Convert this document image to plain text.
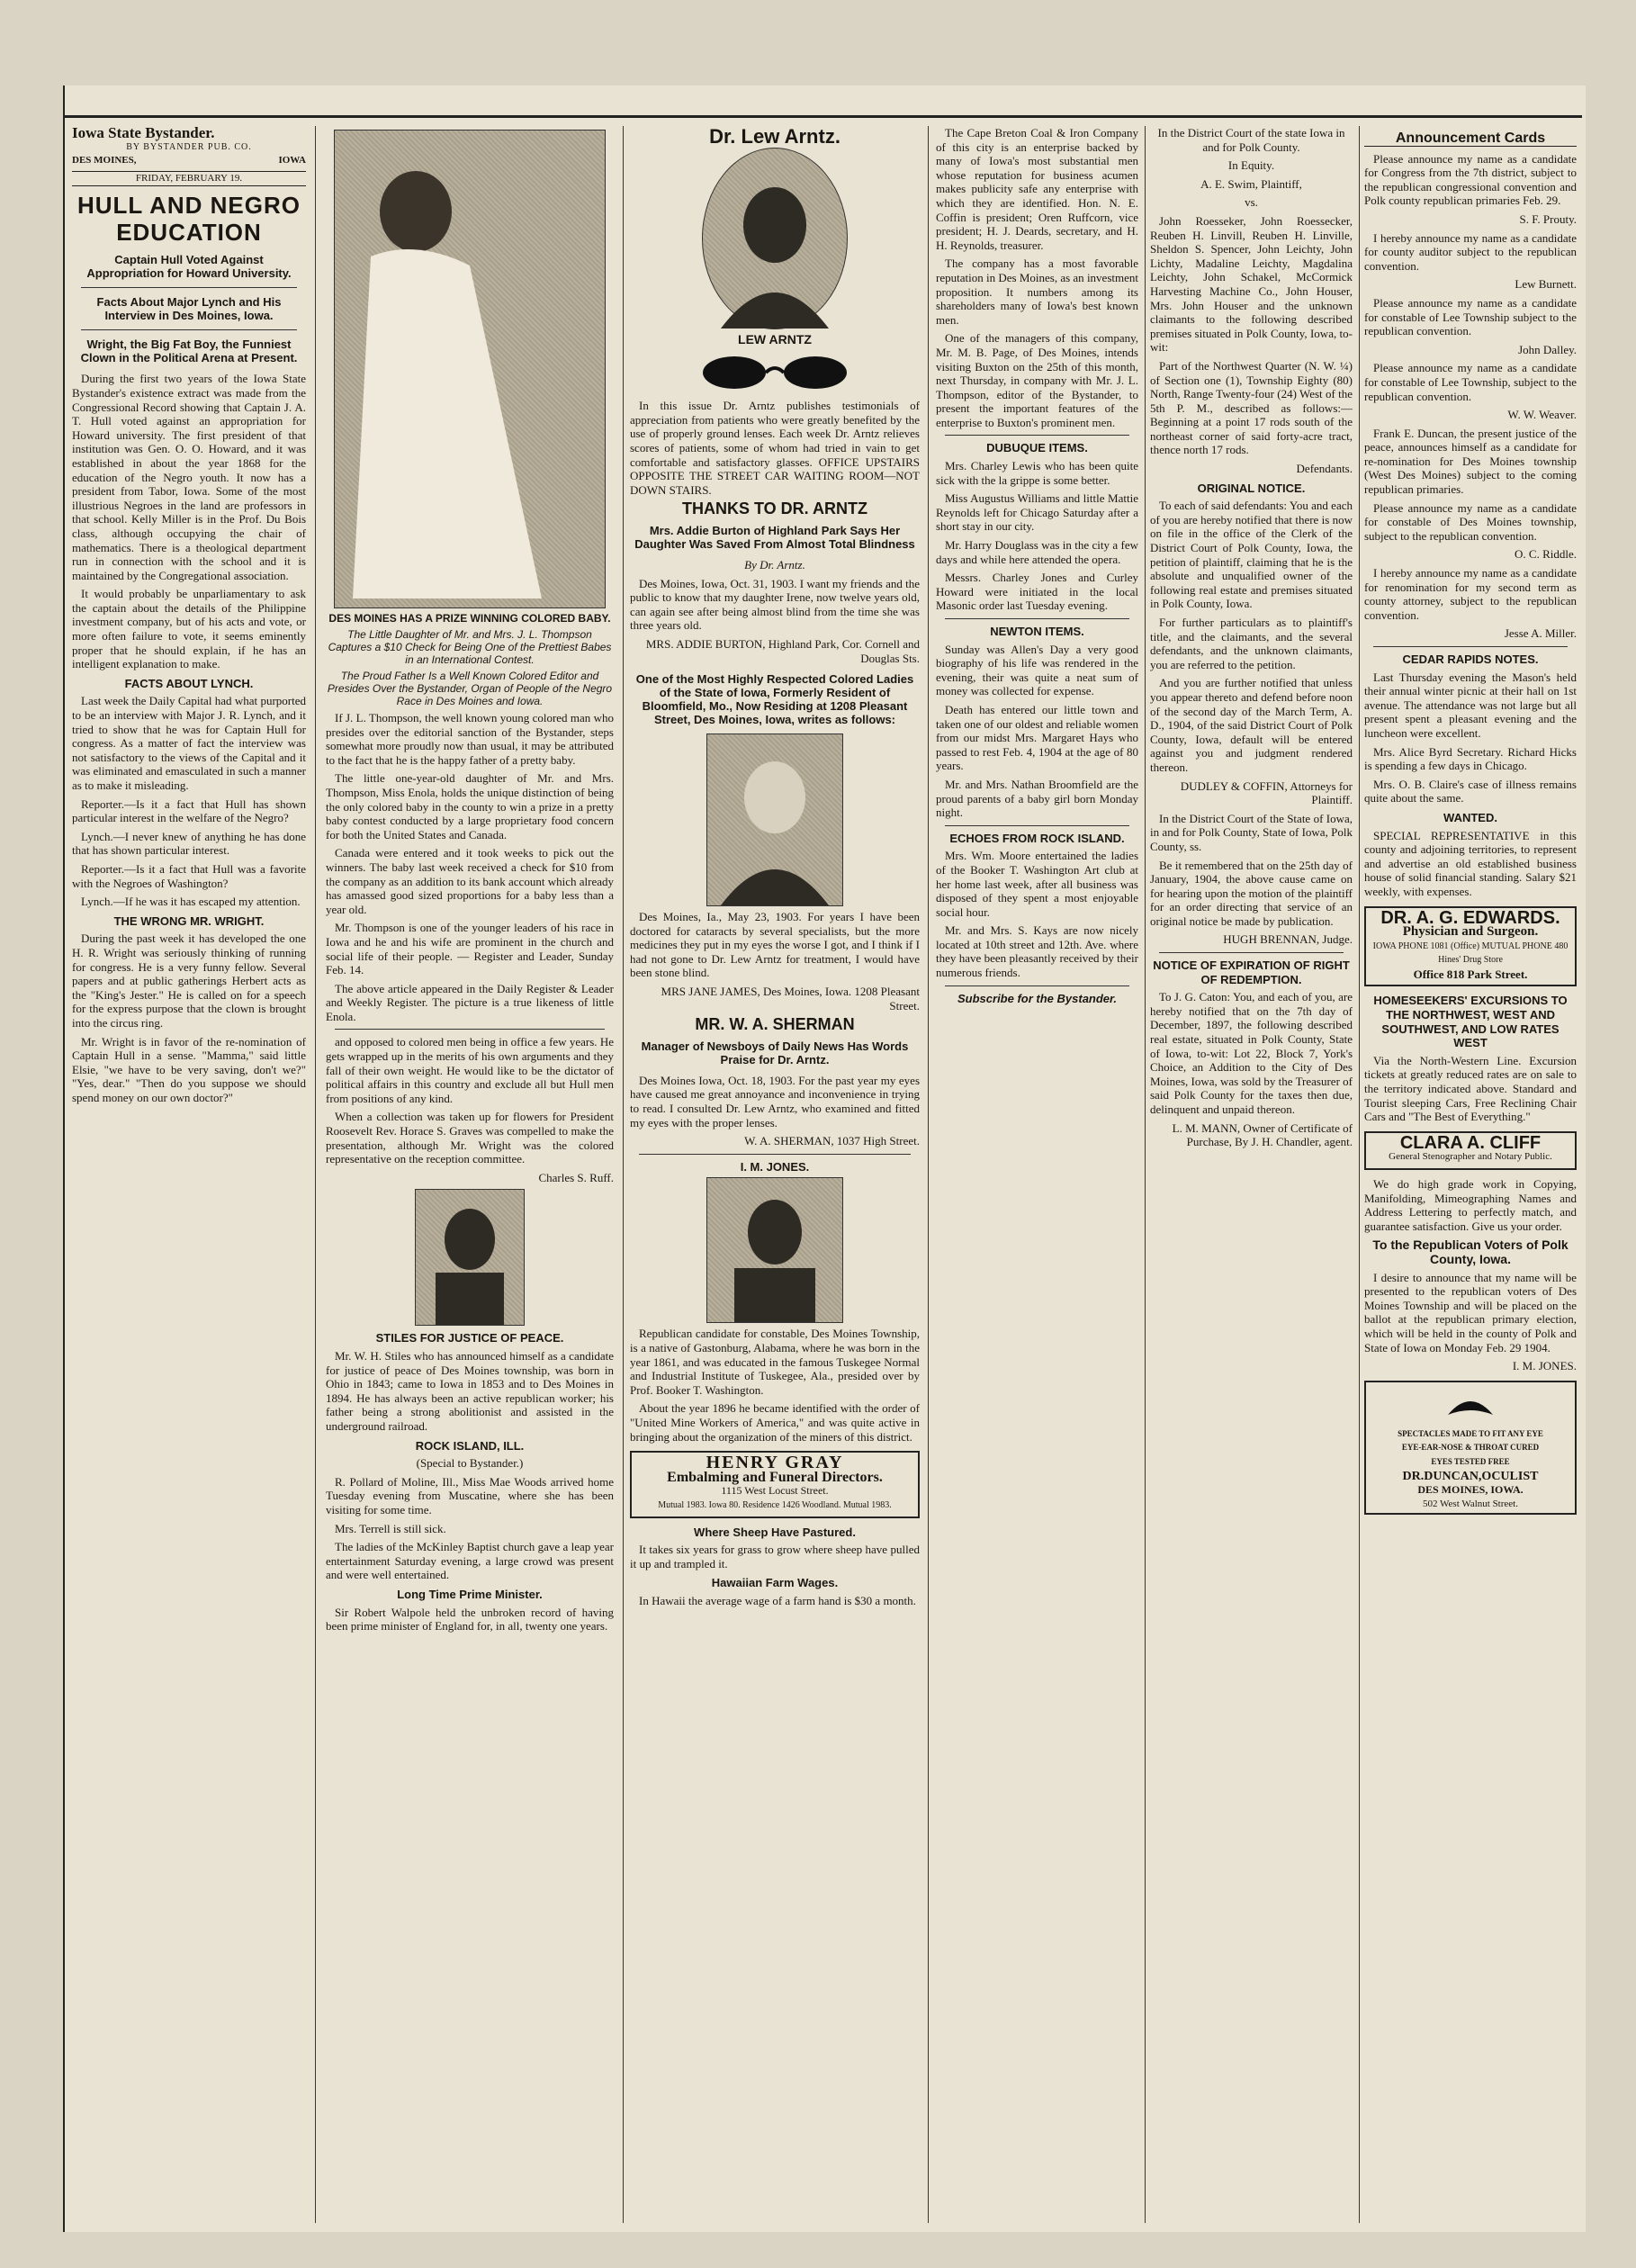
Iowa State Bystander.
BY BYSTANDER PUB. CO.
DES MOINES,	IOWA
FRIDAY, FEBRUARY 19.
HULL AND NEGRO EDUCATION
Captain Hull Voted Against Appropriation for Howard University.
Facts About Major Lynch and His Interview in Des Moines, Iowa.
Wright, the Big Fat Boy, the Funniest Clown in the Political Arena at Present.

During the first two years of the Iowa State Bystander's existence extract was made from the Congressional Record showing that Captain J. A. T. Hull voted against an appropriation for Howard university. The first president of that institution was Gen. O. O. Howard, and it was established in about the year 1868 for the education of the Negro youth. It now has a president from Tabor, Iowa. Some of the most illustrious Negroes in the land are professors in that school. Kelly Miller is in the Prof. Du Bois class, although occupying the chair of mathematics. There is a theological department run in connection with the school and it is maintained by the Congregational association.

It would probably be unparliamentary to ask the captain about the details of the Philippine investment company, but of his acts and vote, or more often failure to vote, it seems eminently proper that he should explain, if he has an intelligent explanation to make.

FACTS ABOUT LYNCH.

Last week the Daily Capital had what purported to be an interview with Major J. R. Lynch, and it tried to show that he was for Captain Hull for congress. As a matter of fact the interview was not satisfactory to the views of the Capital and it was eliminated and emasculated in such a manner as to make it misleading.

Reporter.—Is it a fact that Hull has shown particular interest in the welfare of the Negro?

Lynch.—I never knew of anything he has done that has shown particular interest.

Reporter.—Is it a fact that Hull was a favorite with the Negroes of Washington?

Lynch.—If he was it has escaped my attention.

THE WRONG MR. WRIGHT.

During the past week it has developed the one H. R. Wright was seriously thinking of running for congress. He is a very funny fellow. Several papers and at public gatherings Herbert acts as the "King's Jester." He is called on for a speech for the express purpose that the clown is brought into the circus ring.

Mr. Wright is in favor of the re-nomination of Captain Hull in a sense. "Mamma," said little Elsie, "we have to be very saving, don't we?" "Yes, dear." "Then do you suppose we should spend money on our own doctor?"

DES MOINES HAS A PRIZE WINNING COLORED BABY.
The Little Daughter of Mr. and Mrs. J. L. Thompson Captures a $10 Check for Being One of the Prettiest Babes in an International Contest.
The Proud Father Is a Well Known Colored Editor and Presides Over the Bystander, Organ of People of the Negro Race in Des Moines and Iowa.

If J. L. Thompson, the well known young colored man who presides over the editorial sanction of the Bystander, steps somewhat more proudly now than usual, it may be attributed to the fact that he is the happy father of a pretty baby.

The little one-year-old daughter of Mr. and Mrs. Thompson, Miss Enola, holds the unique distinction of being the only colored baby in the county to win a prize in a pretty baby contest conducted by a large proprietary food concern for both the United States and Canada.

Canada were entered and it took weeks to pick out the winners. The baby last week received a check for $10 from the company as an addition to its bank account which already has amassed good sized proportions for a baby less than a year old.

Mr. Thompson is one of the younger leaders of his race in Iowa and he and his wife are prominent in the church and social life of their people. — Register and Leader, Sunday Feb. 14.

The above article appeared in the Daily Register & Leader and Weekly Register. The picture is a true likeness of little Enola.

and opposed to colored men being in office a few years. He gets wrapped up in the merits of his own arguments and they fall of their own weight. He would like to be the dictator of political affairs in this country and exclude all but Hull men from positions of any kind.

When a collection was taken up for flowers for President Roosevelt Rev. Horace S. Graves was compelled to make the presentation, although Mr. Wright was the colored representative on the reception committee.

Charles S. Ruff.

STILES FOR JUSTICE OF PEACE.

Mr. W. H. Stiles who has announced himself as a candidate for justice of peace of Des Moines township, was born in Ohio in 1843; came to Iowa in 1853 and to Des Moines in 1894. He has always been an active republican worker; his father being a strong abolitionist and assisted in the underground railroad.

ROCK ISLAND, ILL.

(Special to Bystander.)

R. Pollard of Moline, Ill., Miss Mae Woods arrived home Tuesday evening from Muscatine, where she has been visiting for some time.

Mrs. Terrell is still sick.

The ladies of the McKinley Baptist church gave a leap year entertainment Saturday evening, a large crowd was present and were well entertained.

Long Time Prime Minister.

Sir Robert Walpole held the unbroken record of having been prime minister of England for, in all, twenty one years.

Dr. Lew Arntz.
LEW ARNTZ

In this issue Dr. Arntz publishes testimonials of appreciation from patients who were greatly benefited by the use of properly ground lenses. Each week Dr. Arntz relieves scores of patients, some of whom had tried in vain to get comfortable and satisfactory glasses. OFFICE UPSTAIRS OPPOSITE THE STREET CAR WAITING ROOM—NOT DOWN STAIRS.

THANKS TO DR. ARNTZ
Mrs. Addie Burton of Highland Park Says Her Daughter Was Saved From Almost Total Blindness

By Dr. Arntz.

Des Moines, Iowa, Oct. 31, 1903. I want my friends and the public to know that my daughter Irene, now twelve years old, can again see after being almost blind from the time she was three years old.

MRS. ADDIE BURTON, Highland Park, Cor. Cornell and Douglas Sts.

One of the Most Highly Respected Colored Ladies of the State of Iowa, Formerly Resident of Bloomfield, Mo., Now Residing at 1208 Pleasant Street, Des Moines, Iowa, writes as follows:

Des Moines, Ia., May 23, 1903. For years I have been doctored for cataracts by several specialists, but the more medicines they put in my eyes the worse I got, and I think if I had not gone to Dr. Lew Arntz for treatment, I would have been stone blind.

MRS JANE JAMES, Des Moines, Iowa. 1208 Pleasant Street.

MR. W. A. SHERMAN
Manager of Newsboys of Daily News Has Words Praise for Dr. Arntz.

Des Moines Iowa, Oct. 18, 1903. For the past year my eyes have caused me great annoyance and inconvenience in trying to read. I consulted Dr. Lew Arntz, who examined and fitted my eyes with the proper lenses.

W. A. SHERMAN, 1037 High Street.

I. M. JONES.

Republican candidate for constable, Des Moines Township, is a native of Gastonburg, Alabama, where he was born in the year 1861, and was educated in the famous Tuskegee Normal and Industrial Institute of Tuskegee, Ala., presided over by Prof. Booker T. Washington.

About the year 1896 he became identified with the order of "United Mine Workers of America," and was quite active in bringing about the organization of the miners of this district.

HENRY GRAY
Embalming and Funeral Directors.
1115 West Locust Street.
Mutual 1983. Iowa 80. Residence 1426 Woodland. Mutual 1983.
Where Sheep Have Pastured.

It takes six years for grass to grow where sheep have pulled it up and trampled it.

Hawaiian Farm Wages.

In Hawaii the average wage of a farm hand is $30 a month.

The Cape Breton Coal & Iron Company of this city is an enterprise backed by many of Iowa's most substantial men whose reputation for business acumen makes publicity safe any enterprise with which they are identified. Hon. N. E. Coffin is president; Oren Ruffcorn, vice president; H. J. Deards, secretary, and H. H. Reynolds, treasurer.

The company has a most favorable reputation in Des Moines, as an investment proposition. It numbers among its shareholders many of Iowa's best known men.

One of the managers of this company, Mr. M. B. Page, of Des Moines, intends visiting Buxton on the 25th of this month, next Thursday, in company with Mr. J. L. Thompson, editor of the Bystander, to present the important features of the enterprise to Buxton's prominent men.

DUBUQUE ITEMS.

Mrs. Charley Lewis who has been quite sick with the la grippe is some better.

Miss Augustus Williams and little Mattie Reynolds left for Chicago Saturday after a short stay in our city.

Mr. Harry Douglass was in the city a few days and while here attended the opera.

Messrs. Charley Jones and Curley Howard were initiated in the local Masonic order last Tuesday evening.

NEWTON ITEMS.

Sunday was Allen's Day a very good biography of his life was rendered in the evening, their was quite a neat sum of money was collected for expense.

Death has entered our little town and taken one of our oldest and reliable women from our midst Mrs. Margaret Hays who passed to rest Feb. 4, 1904 at the age of 80 years.

Mr. and Mrs. Nathan Broomfield are the proud parents of a baby girl born Monday night.

ECHOES FROM ROCK ISLAND.

Mrs. Wm. Moore entertained the ladies of the Booker T. Washington Art club at her home last week, after all business was disposed of they spent a most enjoyable social hour.

Mr. and Mrs. S. Kays are now nicely located at 10th street and 12th. Ave. where they have been pleasantly received by their numerous friends.

Subscribe for the Bystander.

In the District Court of the state Iowa in and for Polk County.

In Equity.

A. E. Swim, Plaintiff,

vs.

John Roesseker, John Roessecker, Reuben H. Linvill, Reuben H. Linville, Sheldon S. Spencer, John Leichty, John Lichty, Madaline Leichty, Magdalina Leichty, John Schakel, McCormick Harvesting Machine Co., John Houser, Mrs. John Houser and the unknown claimants to the following described premises situated in Polk County, Iowa, to-wit:

Part of the Northwest Quarter (N. W. ¼) of Section one (1), Township Eighty (80) North, Range Twenty-four (24) West of the 5th P. M., described as follows:— Beginning at a point 17 rods south of the northeast corner of said forty-acre tract, thence north 17 rods.

Defendants.

ORIGINAL NOTICE.

To each of said defendants: You and each of you are hereby notified that there is now on file in the office of the Clerk of the District Court of Polk County, Iowa, the petition of plaintiff, claiming that he is the absolute and unqualified owner of the following real estate and premises situated in Polk County, Iowa.

For further particulars as to plaintiff's title, and the claimants, and the several defendants, and the unknown claimants, you are referred to the petition.

And you are further notified that unless you appear thereto and defend before noon of the second day of the March Term, A. D., 1904, of the said District Court of Polk County, Iowa, default will be entered against you and judgment rendered thereon.

DUDLEY & COFFIN, Attorneys for Plaintiff.

In the District Court of the State of Iowa, in and for Polk County, State of Iowa, Polk County, ss.

Be it remembered that on the 25th day of January, 1904, the above cause came on for hearing upon the motion of the plaintiff for an order directing that service of an original notice be made by publication.

HUGH BRENNAN, Judge.

NOTICE OF EXPIRATION OF RIGHT OF REDEMPTION.

To J. G. Caton: You, and each of you, are hereby notified that on the 7th day of December, 1897, the following described real estate, situated in Polk County, State of Iowa, to-wit: Lot 22, Block 7, York's Choice, an Addition to the City of Des Moines, Iowa, was sold by the Treasurer of said Polk County for the taxes then due, delinquent and unpaid thereon.

L. M. MANN, Owner of Certificate of Purchase, By J. H. Chandler, agent.

Announcement Cards

Please announce my name as a candidate for Congress from the 7th district, subject to the republican congressional convention and Polk county republican primaries Feb. 29.

S. F. Prouty.

I hereby announce my name as a candidate for county auditor subject to the republican convention.

Lew Burnett.

Please announce my name as a candidate for constable of Lee Township subject to the republican convention.

John Dalley.

Please announce my name as a candidate for constable of Lee Township, subject to the republican convention.

W. W. Weaver.

Frank E. Duncan, the present justice of the peace, announces himself as a candidate for re-nomination for Des Moines township (West Des Moines) subject to the coming republican primaries.

Please announce my name as a candidate for constable of Des Moines township, subject to the republican convention.

O. C. Riddle.

I hereby announce my name as a candidate for renomination for my second term as county attorney, subject to the republican convention.

Jesse A. Miller.

CEDAR RAPIDS NOTES.

Last Thursday evening the Mason's held their annual winter picnic at their hall on 1st avenue. The attendance was not large but all present spent a pleasant evening and the luncheon were excellent.

Mrs. Alice Byrd Secretary. Richard Hicks is spending a few days in Chicago.

Mrs. O. B. Claire's case of illness remains quite about the same.

WANTED.

SPECIAL REPRESENTATIVE in this county and adjoining territories, to represent and advertise an old established business house of solid financial standing. Salary $21 weekly, with expenses.

DR. A. G. EDWARDS.
Physician and Surgeon.
IOWA PHONE 1081 (Office) MUTUAL PHONE 480 Hines' Drug Store
Office 818 Park Street.
HOMESEEKERS' EXCURSIONS TO THE NORTHWEST, WEST AND SOUTHWEST, AND LOW RATES WEST

Via the North-Western Line. Excursion tickets at greatly reduced rates are on sale to the territory indicated above. Standard and Tourist sleeping Cars, Free Reclining Chair Cars and "The Best of Everything."

CLARA A. CLIFF
General Stenographer and Notary Public.

We do high grade work in Copying, Manifolding, Mimeographing Names and Address Lettering to perfectly match, and guarantee satisfaction. Give us your order.

To the Republican Voters of Polk County, Iowa.

I desire to announce that my name will be presented to the republican voters of Des Moines Township and will be placed on the ballot at the republican primary election, which will be held in the county of Polk and State of Iowa on Monday Feb. 29 1904.

I. M. JONES.

SPECTACLES MADE TO FIT ANY EYE
EYE-EAR-NOSE & THROAT CURED
EYES TESTED FREE
DR.DUNCAN,OCULIST
DES MOINES, IOWA.
502 West Walnut Street.
